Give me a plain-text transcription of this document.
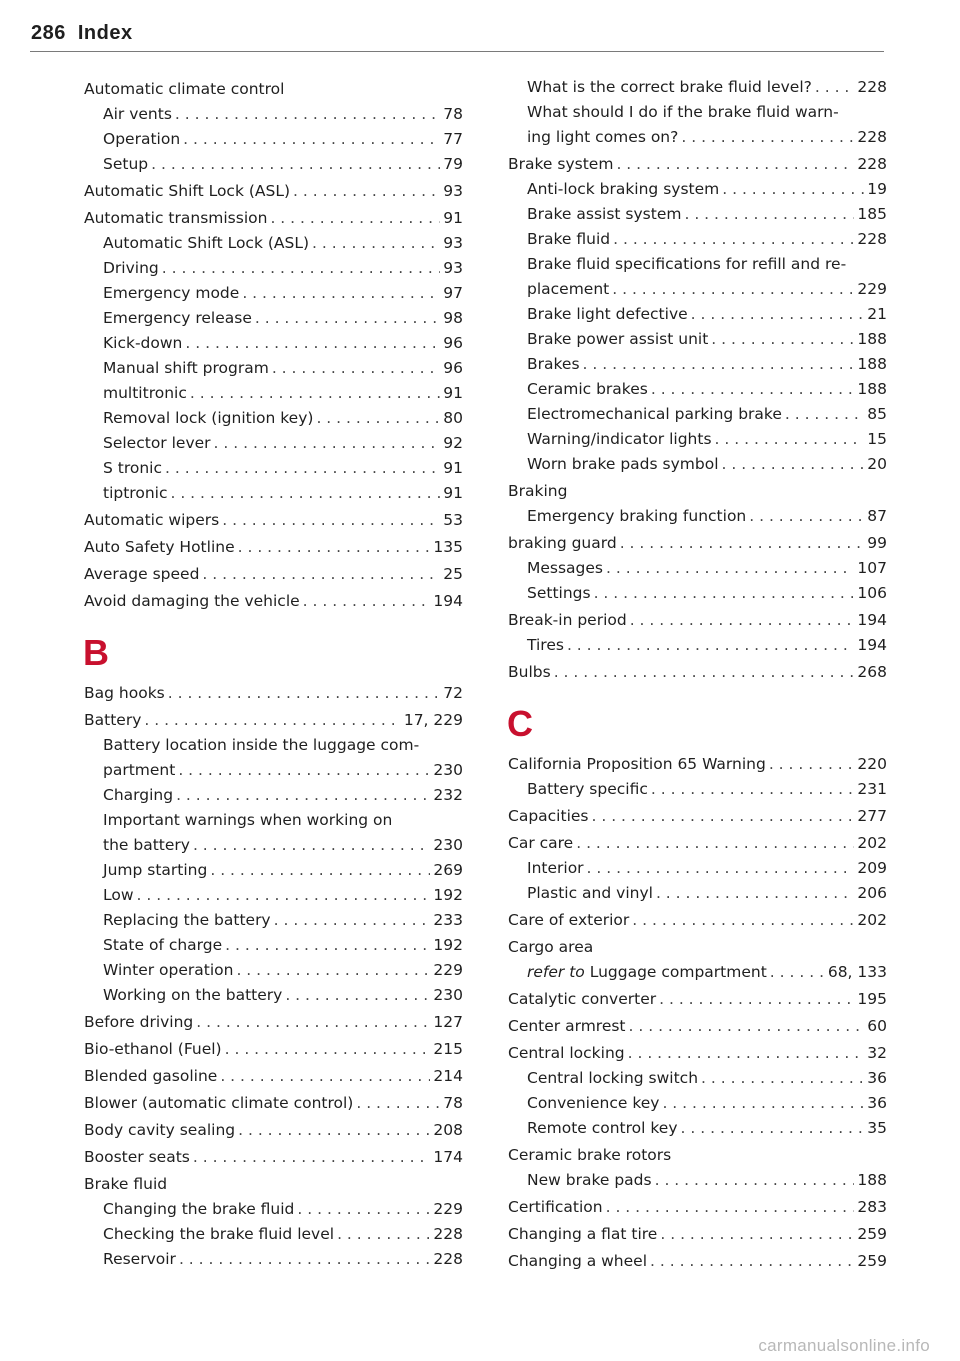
286 Index
Automatic climate control
Air vents . . .	78
Operation . . .	77
Setup . . .	79
Automatic Shift Lock (ASL) . . .	93
Automatic transmission . . .	91
Automatic Shift Lock (ASL) . . .	93
Driving . . .	93
Emergency mode . . .	97
Emergency release . . .	98
Kick-down . . .	96
Manual shift program . . .	96
multitronic . . .	91
Removal lock (ignition key) . . .	80
Selector lever . . .	92
S tronic . . .	91
tiptronic . . .	91
Automatic wipers . . .	53
Auto Safety Hotline . . .	135
Average speed . . .	25
Avoid damaging the vehicle . . .	194
B
Bag hooks . . .	72
Battery . . .	17, 229
Battery location inside the luggage com-
partment . . .	230
Charging . . .	232
Important warnings when working on
the battery . . .	230
Jump starting . . .	269
Low . . .	192
Replacing the battery . . .	233
State of charge . . .	192
Winter operation . . .	229
Working on the battery . . .	230
Before driving . . .	127
Bio-ethanol (Fuel) . . .	215
Blended gasoline . . .	214
Blower (automatic climate control) . . .	78
Body cavity sealing . . .	208
Booster seats . . .	174
Brake fluid
Changing the brake fluid . . .	229
Checking the brake fluid level . . .	228
Reservoir . . .	228
What is the correct brake fluid level? . . .	228
What should I do if the brake fluid warn-
ing light comes on? . . .	228
Brake system . . .	228
Anti-lock braking system . . .	19
Brake assist system . . .	185
Brake fluid . . .	228
Brake fluid specifications for refill and re-
placement . . .	229
Brake light defective . . .	21
Brake power assist unit . . .	188
Brakes . . .	188
Ceramic brakes . . .	188
Electromechanical parking brake . . .	85
Warning/indicator lights . . .	15
Worn brake pads symbol . . .	20
Braking
Emergency braking function . . .	87
braking guard . . .	99
Messages . . .	107
Settings . . .	106
Break-in period . . .	194
Tires . . .	194
Bulbs . . .	268
C
California Proposition 65 Warning . . .	220
Battery specific . . .	231
Capacities . . .	277
Car care . . .	202
Interior . . .	209
Plastic and vinyl . . .	206
Care of exterior . . .	202
Cargo area
refer to Luggage compartment . . .	68, 133
Catalytic converter . . .	195
Center armrest . . .	60
Central locking . . .	32
Central locking switch . . .	36
Convenience key . . .	36
Remote control key . . .	35
Ceramic brake rotors
New brake pads . . .	188
Certification . . .	283
Changing a flat tire . . .	259
Changing a wheel . . .	259
carmanualsonline.info
